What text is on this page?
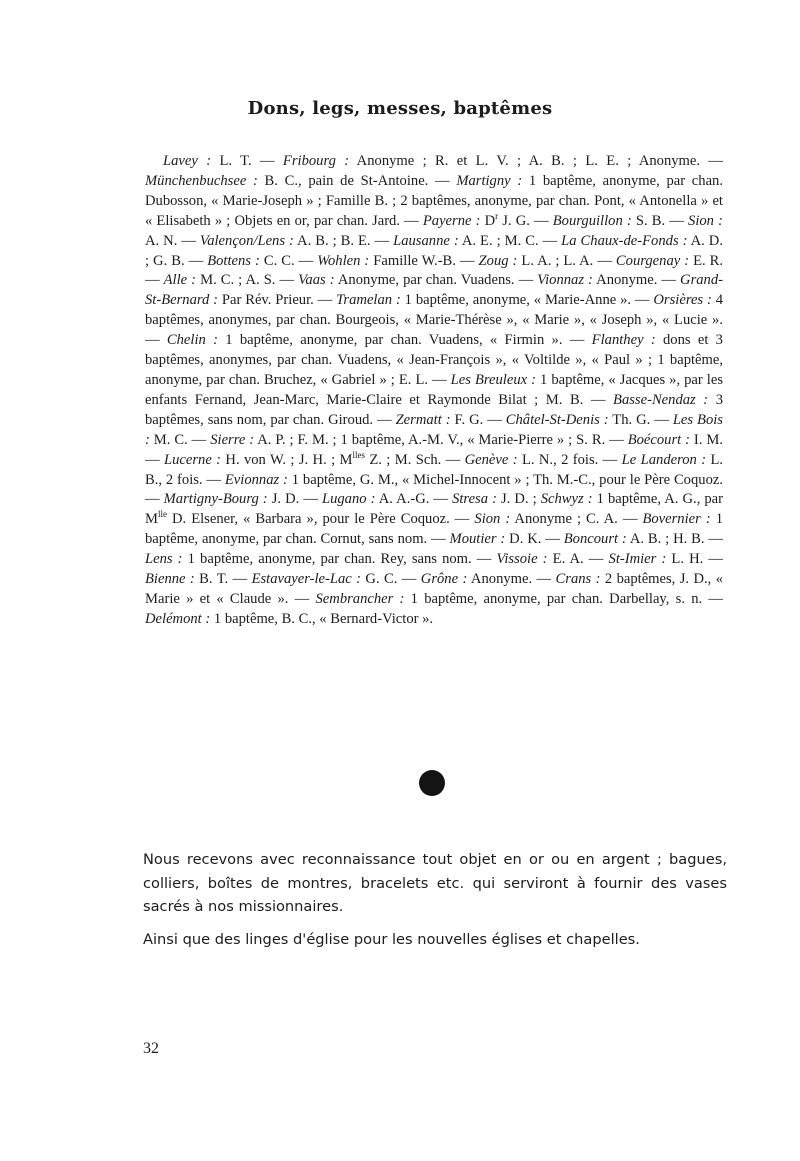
Dons, legs, messes, baptêmes
Lavey : L. T. — Fribourg : Anonyme ; R. et L. V. ; A. B. ; L. E. ; Anonyme. — Münchenbuchsee : B. C., pain de St-Antoine. — Martigny : 1 baptême, anonyme, par chan. Dubosson, « Marie-Joseph » ; Famille B. ; 2 baptêmes, anonyme, par chan. Pont, « Antonella » et « Elisabeth » ; Objets en or, par chan. Jard. — Payerne : $D^r$ J. G. — Bourguillon : S. B. — Sion : A. N. — Valençon/Lens : A. B. ; B. E. — Lausanne : A. E. ; M. C. — La Chaux-de-Fonds : A. D. ; G. B. — Bottens : C. C. — Wohlen : Famille W.-B. — Zoug : L. A. ; L. A. — Courgenay : E. R. — Alle : M. C. ; A. S. — Vaas : Anonyme, par chan. Vuadens. — Vionnaz : Anonyme. — Grand-St-Bernard : Par Rév. Prieur. — Tramelan : 1 baptême, anonyme, « Marie-Anne ». — Orsières : 4 baptêmes, anonymes, par chan. Bourgeois, « Marie-Thérèse », « Marie », « Joseph », « Lucie ». — Chelin : 1 baptême, anonyme, par chan. Vuadens, « Firmin ». — Flanthey : dons et 3 baptêmes, anonymes, par chan. Vuadens, « Jean-François », « Voltilde », « Paul » ; 1 baptême, anonyme, par chan. Bruchez, « Gabriel » ; E. L. — Les Breuleux : 1 baptême, « Jacques », par les enfants Fernand, Jean-Marc, Marie-Claire et Raymonde Bilat ; M. B. — Basse-Nendaz : 3 baptêmes, sans nom, par chan. Giroud. — Zermatt : F. G. — Châtel-St-Denis : Th. G. — Les Bois : M. C. — Sierre : A. P. ; F. M. ; 1 baptême, A.-M. V., « Marie-Pierre » ; S. R. — Boécourt : I. M. — Lucerne : H. von W. ; J. H. ; $M^{lles}$ Z. ; M. Sch. — Genève : L. N., 2 fois. — Le Landeron : L. B., 2 fois. — Evionnaz : 1 baptême, G. M., « Michel-Innocent » ; Th. M.-C., pour le Père Coquoz. — Martigny-Bourg : J. D. — Lugano : A. A.-G. — Stresa : J. D. ; Schwyz : 1 baptême, A. G., par $M^{lle}$ D. Elsener, « Barbara », pour le Père Coquoz. — Sion : Anonyme ; C. A. — Bovernier : 1 baptême, anonyme, par chan. Cornut, sans nom. — Moutier : D. K. — Boncourt : A. B. ; H. B. — Lens : 1 baptême, anonyme, par chan. Rey, sans nom. — Vissoie : E. A. — St-Imier : L. H. — Bienne : B. T. — Estavayer-le-Lac : G. C. — Grône : Anonyme. — Crans : 2 baptêmes, J. D., « Marie » et « Claude ». — Sembrancher : 1 baptême, anonyme, par chan. Darbellay, s. n. — Delémont : 1 baptême, B. C., « Bernard-Victor ».

Nous recevons avec reconnaissance tout objet en or ou en argent ; bagues, colliers, boîtes de montres, bracelets etc. qui serviront à fournir des vases sacrés à nos missionnaires.

Ainsi que des linges d'église pour les nouvelles églises et chapelles.

32
